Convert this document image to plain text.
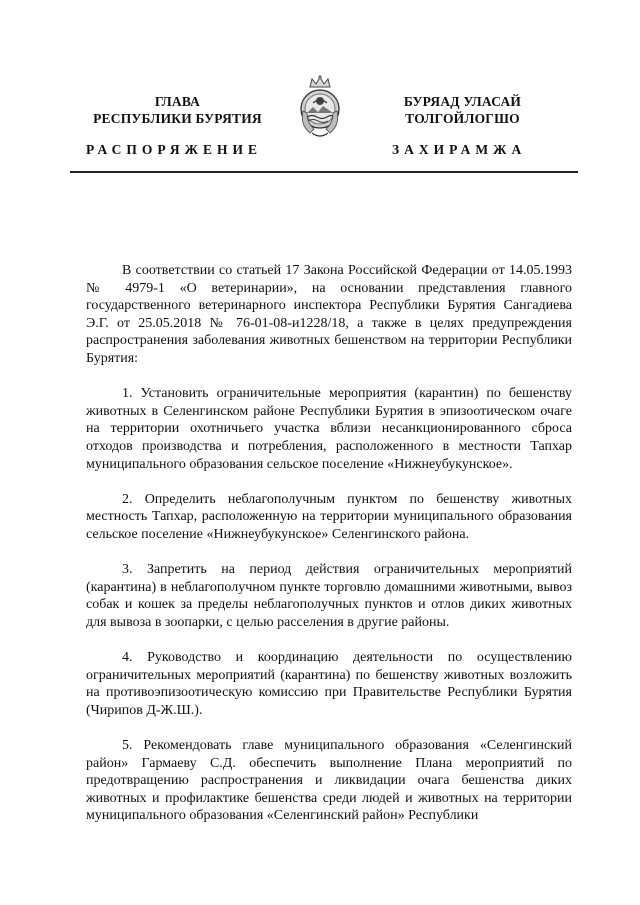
ГЛАВА
РЕСПУБЛИКИ БУРЯТИЯ
БУРЯАД УЛАСАЙ
ТОЛГОЙЛОГШО
РАСПОРЯЖЕНИЕ	ЗАХИРАМЖА

В соответствии со статьей 17 Закона Российской Федерации от 14.05.1993 № 4979-1 «О ветеринарии», на основании представления главного государственного ветеринарного инспектора Республики Бурятия Сангадиева Э.Г. от 25.05.2018 № 76-01-08-и1228/18, а также в целях предупреждения распространения заболевания животных бешенством на территории Республики Бурятия:

1. Установить ограничительные мероприятия (карантин) по бешенству животных в Селенгинском районе Республики Бурятия в эпизоотическом очаге на территории охотничьего участка вблизи несанкционированного сброса отходов производства и потребления, расположенного в местности Тапхар муниципального образования сельское поселение «Нижнеубукунское».

2. Определить неблагополучным пунктом по бешенству животных местность Тапхар, расположенную на территории муниципального образования сельское поселение «Нижнеубукунское» Селенгинского района.

3. Запретить на период действия ограничительных мероприятий (карантина) в неблагополучном пункте торговлю домашними животными, вывоз собак и кошек за пределы неблагополучных пунктов и отлов диких животных для вывоза в зоопарки, с целью расселения в другие районы.

4. Руководство и координацию деятельности по осуществлению ограничительных мероприятий (карантина) по бешенству животных возложить на противоэпизоотическую комиссию при Правительстве Республики Бурятия (Чирипов Д-Ж.Ш.).

5. Рекомендовать главе муниципального образования «Селенгинский район» Гармаеву С.Д. обеспечить выполнение Плана мероприятий по предотвращению распространения и ликвидации очага бешенства диких животных и профилактике бешенства среди людей и животных на территории муниципального образования «Селенгинский район» Республики
